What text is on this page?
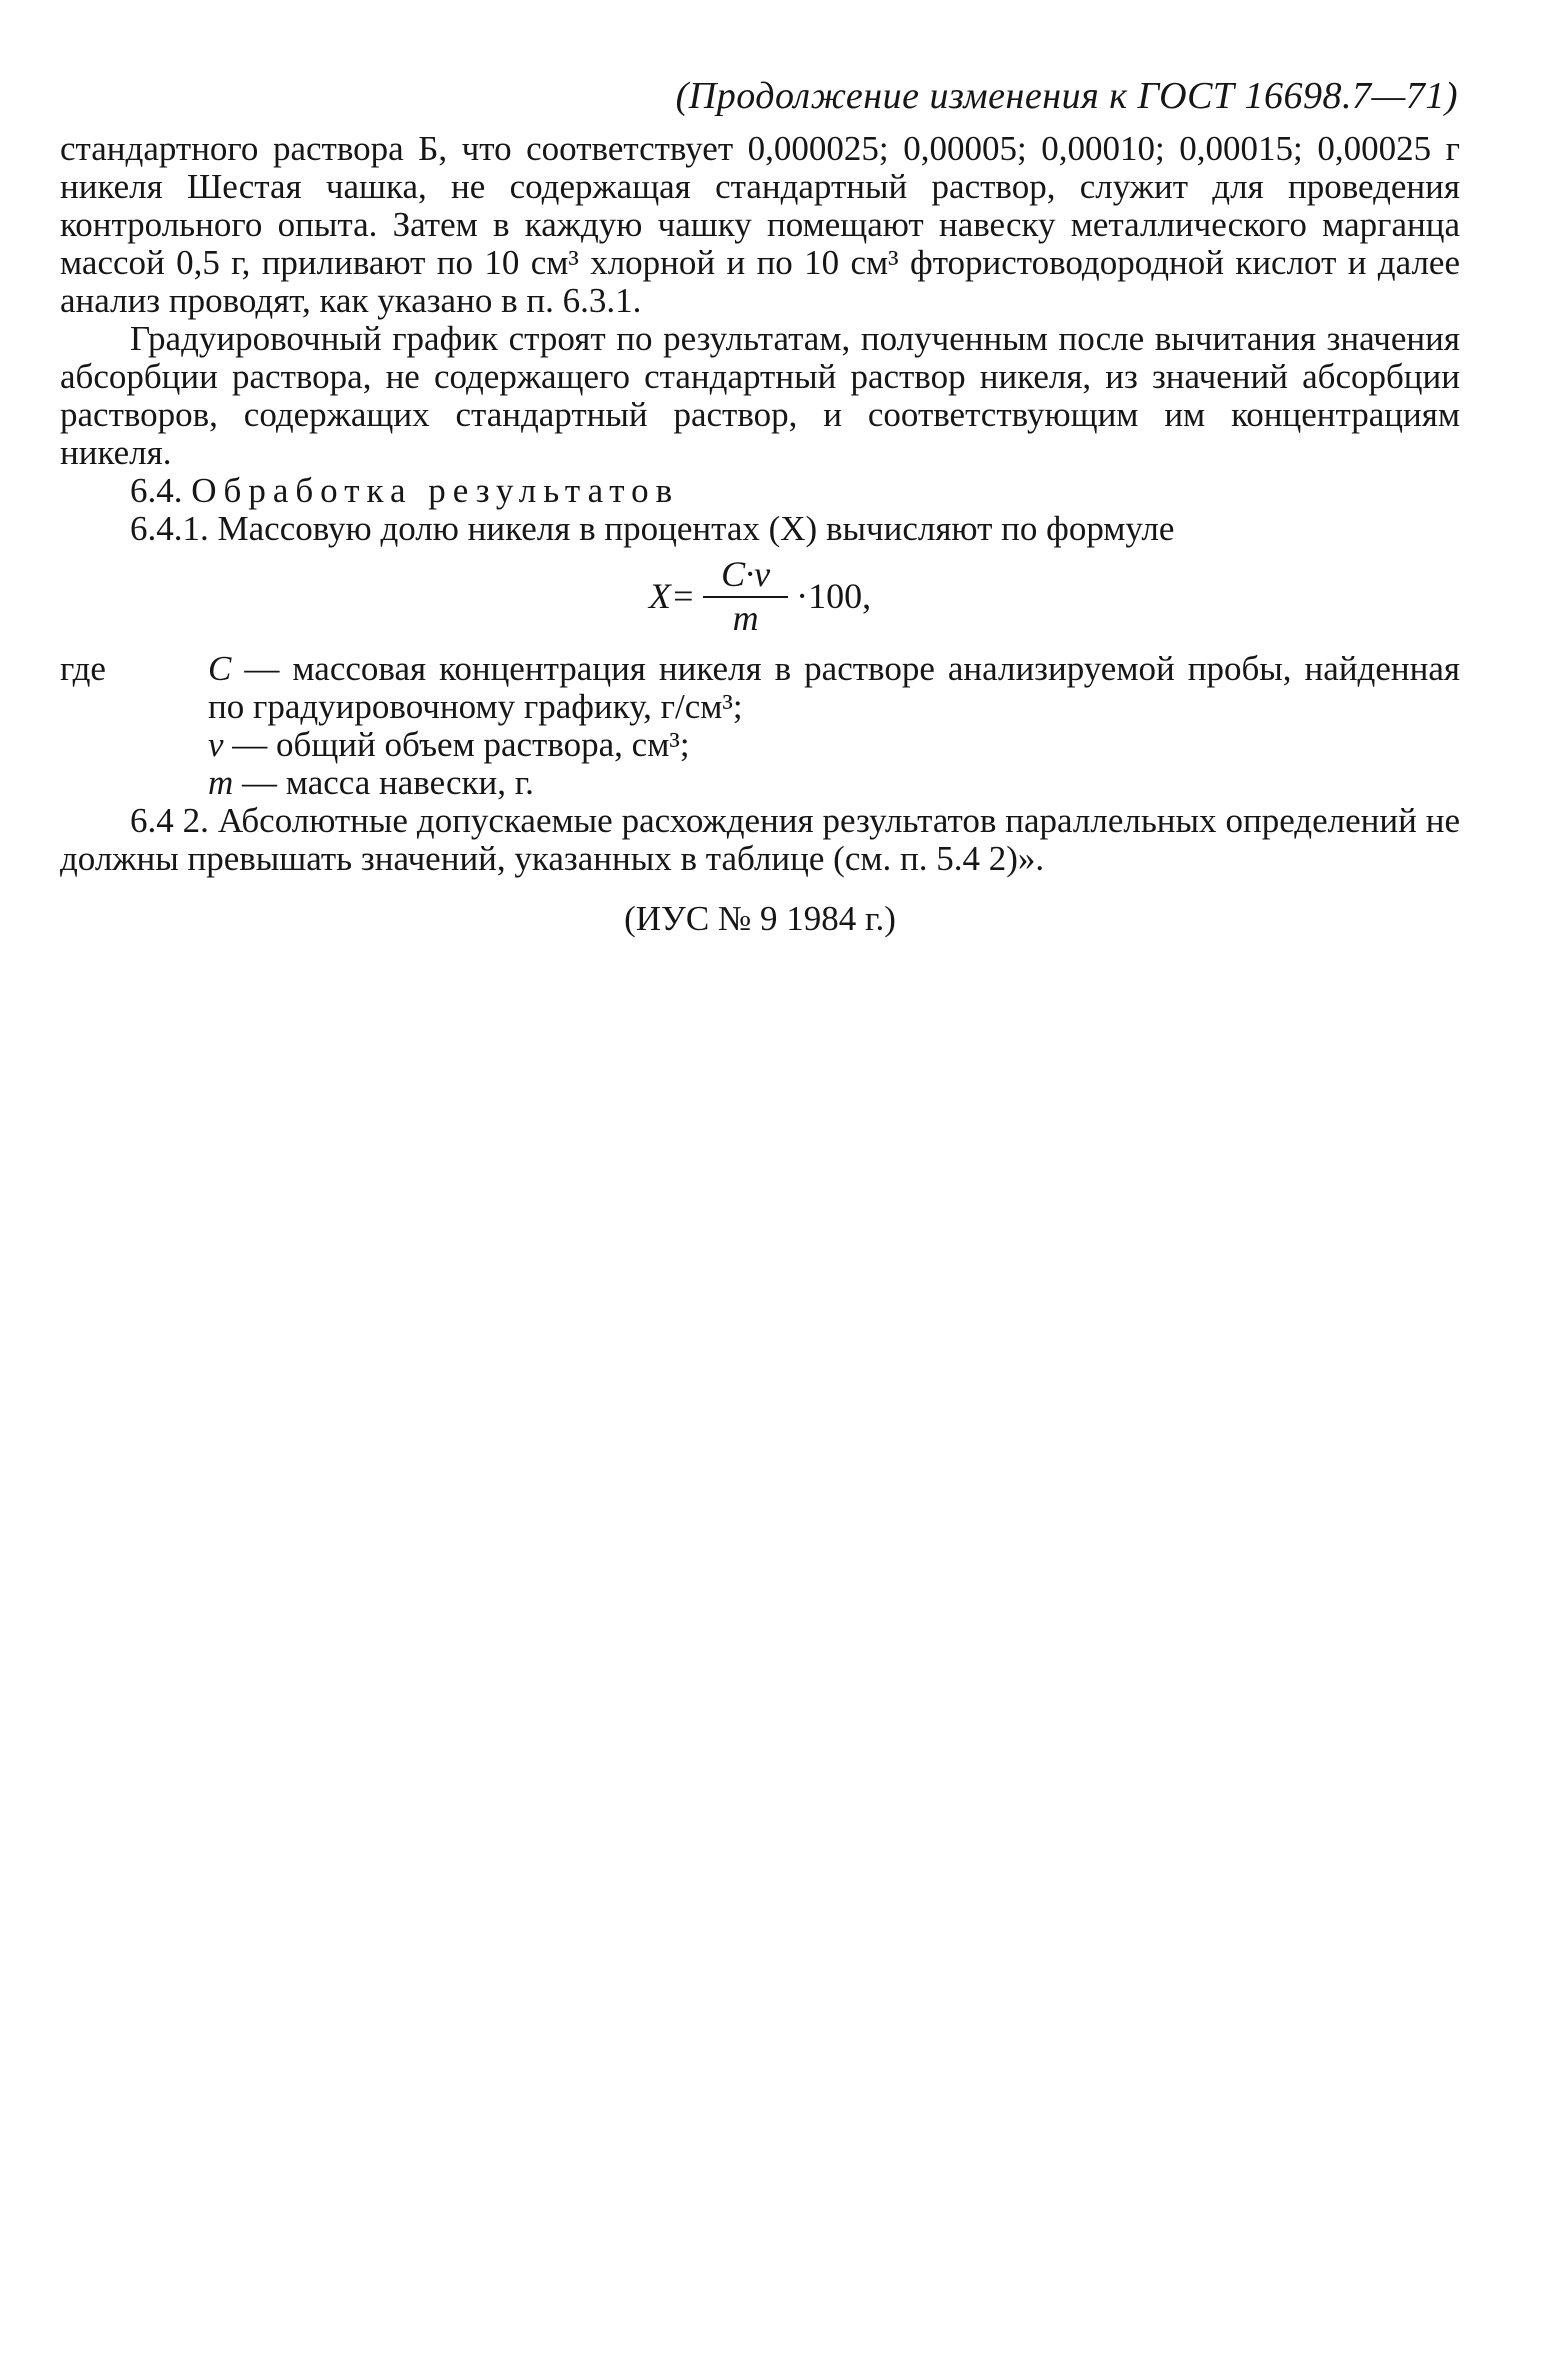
(Продолжение изменения к ГОСТ 16698.7—71)

стандартного раствора Б, что соответствует 0,000025; 0,00005; 0,00010; 0,00015; 0,00025 г никеля Шестая чашка, не содержащая стандартный раствор, служит для проведения контрольного опыта. Затем в каждую чашку помещают навеску металлического марганца массой 0,5 г, приливают по 10 см³ хлорной и по 10 см³ фтористоводородной кислот и далее анализ проводят, как указано в п. 6.3.1.

Градуировочный график строят по результатам, полученным после вычитания значения абсорбции раствора, не содержащего стандартный раствор никеля, из значений абсорбции растворов, содержащих стандартный раствор, и соответствующим им концентрациям никеля.

6.4. Обработка результатов

6.4.1. Массовую долю никеля в процентах (X) вычисляют по формуле

$X= \frac{C\cdot v}{m} \cdot 100$,
где	C — массовая концентрация никеля в растворе анализируемой пробы, найденная по градуировочному графику, г/см³;

v — общий объем раствора, см³;

m — масса навески, г.

6.4 2. Абсолютные допускаемые расхождения результатов параллельных определений не должны превышать значений, указанных в таблице (см. п. 5.4 2)».

(ИУС № 9 1984 г.)
